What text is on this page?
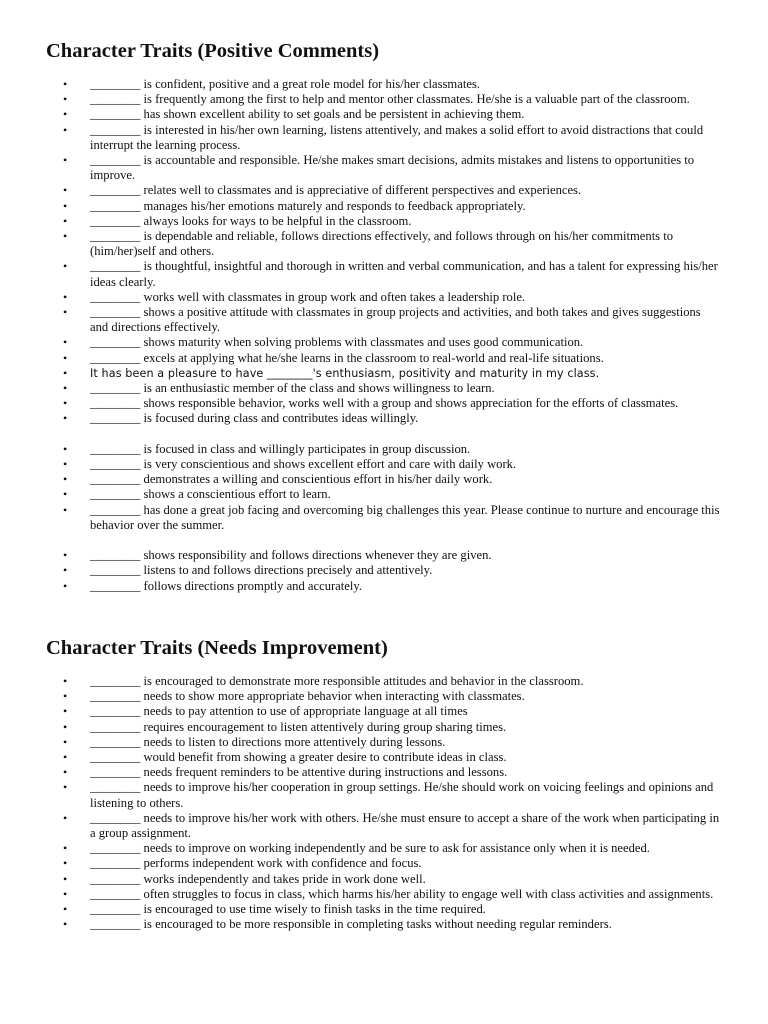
Character Traits (Positive Comments)
• ________ is confident, positive and a great role model for his/her classmates.
• ________ is frequently among the first to help and mentor other classmates. He/she is a valuable part of the classroom.
• ________ has shown excellent ability to set goals and be persistent in achieving them.
• ________ is interested in his/her own learning, listens attentively, and makes a solid effort to avoid distractions that could interrupt the learning process.
• ________ is accountable and responsible. He/she makes smart decisions, admits mistakes and listens to opportunities to improve.
• ________ relates well to classmates and is appreciative of different perspectives and experiences.
• ________ manages his/her emotions maturely and responds to feedback appropriately.
• ________ always looks for ways to be helpful in the classroom.
• ________ is dependable and reliable, follows directions effectively, and follows through on his/her commitments to (him/her)self and others.
• ________ is thoughtful, insightful and thorough in written and verbal communication, and has a talent for expressing his/her ideas clearly.
• ________ works well with classmates in group work and often takes a leadership role.
• ________ shows a positive attitude with classmates in group projects and activities, and both takes and gives suggestions and directions effectively.
• ________ shows maturity when solving problems with classmates and uses good communication.
• ________ excels at applying what he/she learns in the classroom to real-world and real-life situations.
• It has been a pleasure to have ________'s enthusiasm, positivity and maturity in my class.
• ________ is an enthusiastic member of the class and shows willingness to learn.
• ________ shows responsible behavior, works well with a group and shows appreciation for the efforts of classmates.
• ________ is focused during class and contributes ideas willingly.
• ________ is focused in class and willingly participates in group discussion.
• ________ is very conscientious and shows excellent effort and care with daily work.
• ________ demonstrates a willing and conscientious effort in his/her daily work.
• ________ shows a conscientious effort to learn.
• ________ has done a great job facing and overcoming big challenges this year. Please continue to nurture and encourage this behavior over the summer.
• ________ shows responsibility and follows directions whenever they are given.
• ________ listens to and follows directions precisely and attentively.
• ________ follows directions promptly and accurately.
Character Traits (Needs Improvement)
• ________ is encouraged to demonstrate more responsible attitudes and behavior in the classroom.
• ________ needs to show more appropriate behavior when interacting with classmates.
• ________ needs to pay attention to use of appropriate language at all times
• ________ requires encouragement to listen attentively during group sharing times.
• ________ needs to listen to directions more attentively during lessons.
• ________ would benefit from showing a greater desire to contribute ideas in class.
• ________ needs frequent reminders to be attentive during instructions and lessons.
• ________ needs to improve his/her cooperation in group settings. He/she should work on voicing feelings and opinions and listening to others.
• ________ needs to improve his/her work with others. He/she must ensure to accept a share of the work when participating in a group assignment.
• ________ needs to improve on working independently and be sure to ask for assistance only when it is needed.
• ________ performs independent work with confidence and focus.
• ________ works independently and takes pride in work done well.
• ________ often struggles to focus in class, which harms his/her ability to engage well with class activities and assignments.
• ________ is encouraged to use time wisely to finish tasks in the time required.
• ________ is encouraged to be more responsible in completing tasks without needing regular reminders.
